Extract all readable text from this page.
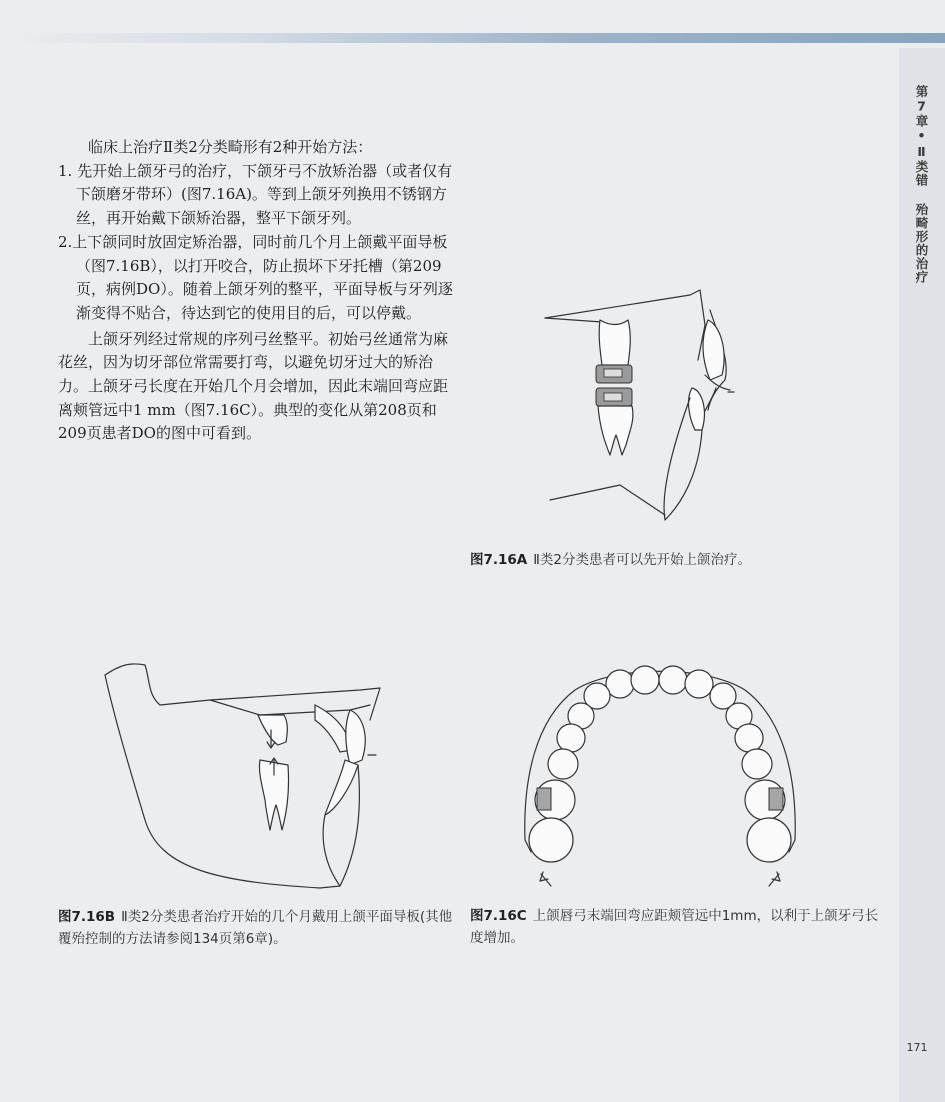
第7章•Ⅱ类错 殆畸形的治疗

临床上治疗Ⅱ类2分类畸形有2种开始方法：

1. 先开始上颌牙弓的治疗，下颌牙弓不放矫治器（或者仅有下颌磨牙带环）(图7.16A)。等到上颌牙列换用不锈钢方丝，再开始戴下颌矫治器，整平下颌牙列。

2.上下颌同时放固定矫治器，同时前几个月上颌戴平面导板（图7.16B），以打开咬合，防止损坏下牙托槽（第209页，病例DO）。随着上颌牙列的整平，平面导板与牙列逐渐变得不贴合，待达到它的使用目的后，可以停戴。

上颌牙列经过常规的序列弓丝整平。初始弓丝通常为麻花丝，因为切牙部位常需要打弯，以避免切牙过大的矫治力。上颌牙弓长度在开始几个月会增加，因此末端回弯应距离颊管远中1 mm（图7.16C）。典型的变化从第208页和209页患者DO的图中可看到。

图7.16A Ⅱ类2分类患者可以先开始上颌治疗。
图7.16B Ⅱ类2分类患者治疗开始的几个月戴用上颌平面导板(其他覆殆控制的方法请参阅134页第6章)。
图7.16C 上颌唇弓末端回弯应距颊管远中1mm，以利于上颌牙弓长度增加。
171
